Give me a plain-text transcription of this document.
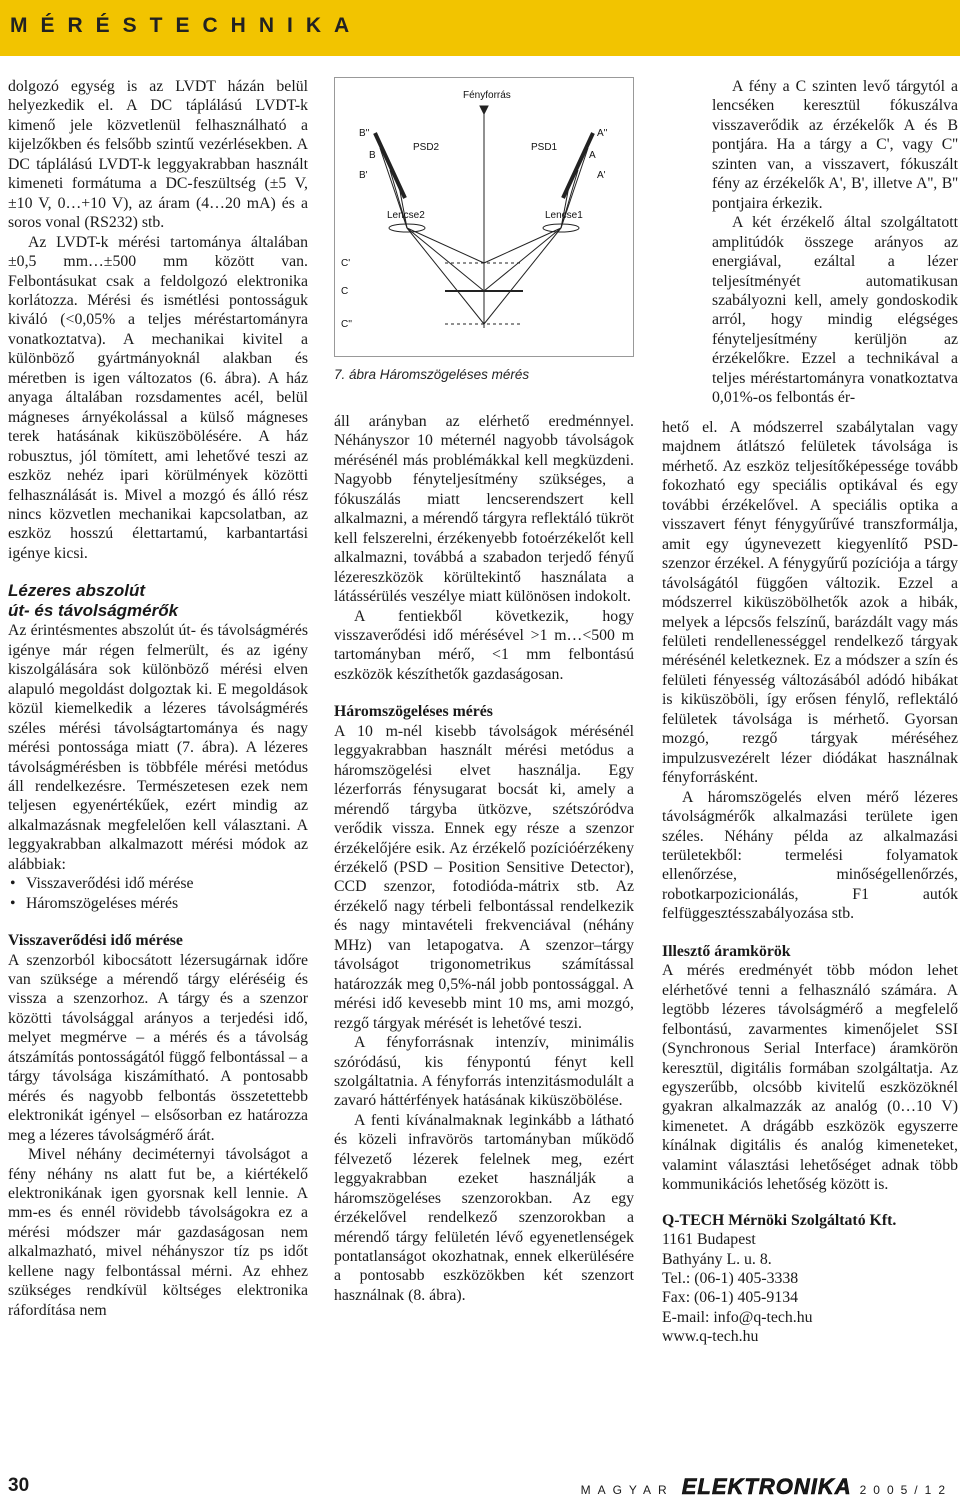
MÉRÉSTECHNIKA

dolgozó egység is az LVDT házán belül helyezkedik el. A DC táplálású LVDT-k kimenő jele közvetlenül felhasználható a kijelzőkben és felsőbb szintű vezérlésekben. A DC táplálású LVDT-k leggyakrabban használt kimeneti formátuma a DC-feszültség (±5 V, ±10 V, 0…+10 V), az áram (4…20 mA) és a soros vonal (RS232) stb.

Az LVDT-k mérési tartománya általában ±0,5 mm…±500 mm között van. Felbontásukat csak a feldolgozó elektronika korlátozza. Mérési és ismétlési pontosságuk kiváló (<0,05% a teljes méréstartományra vonatkoztatva). A mechanikai kivitel a különböző gyártmányoknál alakban és méretben is igen változatos (6. ábra). A ház anyaga általában rozsdamentes acél, belül mágneses árnyékolással a külső mágneses terek hatásának kiküszöbölésére. A ház robusztus, jól tömített, ami lehetővé teszi az eszköz nehéz ipari körülmények közötti felhasználását is. Mivel a mozgó és álló rész nincs közvetlen mechanikai kapcsolatban, az eszköz hosszú élettartamú, karbantartási igénye kicsi.

Lézeres abszolút
út- és távolságmérők

Az érintésmentes abszolút út- és távolságmérés igénye már régen felmerült, és az igény kiszolgálására sok különböző mérési elven alapuló megoldást dolgoztak ki. E megoldások közül kiemelkedik a lézeres távolságmérés széles mérési távolságtartománya és nagy mérési pontossága miatt (7. ábra). A lézeres távolságmérésben is többféle mérési metódus áll rendelkezésre. Természetesen ezek nem teljesen egyenértékűek, ezért mindig az alkalmazásnak megfelelően kell választani. A leggyakrabban alkalmazott mérési módok az alábbiak:

• Visszaverődési idő mérése
• Háromszögeléses mérés
Visszaverődési idő mérése

A szenzorból kibocsátott lézersugárnak időre van szüksége a mérendő tárgy eléréséig és vissza a szenzorhoz. A tárgy és a szenzor közötti távolsággal arányos a terjedési idő, melyet megmérve – a mérés és a távolság átszámítás pontosságától függő felbontással – a tárgy távolsága kiszámítható. A pontosabb mérés és nagyobb felbontás összetettebb elektronikát igényel – elsősorban ez határozza meg a lézeres távolságmérő árát.

Mivel néhány deciméternyi távolságot a fény néhány ns alatt fut be, a kiértékelő elektronikának igen gyorsnak kell lennie. A mm-es és ennél rövidebb távolságokra ez a mérési módszer már gazdaságosan nem alkalmazható, mivel néhányszor tíz ps időt kellene nagy felbontással mérni. Az ehhez szükséges rendkívül költséges elektronika ráfordítása nem

Fényforrás
PSD2	PSD1
Lencse2	Lencse1
B''
B
B'
A''
A
A'
C'
C
C''
7. ábra Háromszögeléses mérés

áll arányban az elérhető eredménnyel. Néhányszor 10 méternél nagyobb távolságok mérésénél más problémákkal kell megküzdeni. Nagyobb fényteljesítmény szükséges, a fókuszálás miatt lencserendszert kell alkalmazni, a mérendő tárgyra reflektáló tükröt kell felszerelni, érzékenyebb fotoérzékelőt kell alkalmazni, továbbá a szabadon terjedő fényű lézereszközök körültekintő használata a látássérülés veszélye miatt különösen indokolt.

A fentiekből következik, hogy visszaverődési idő mérésével >1 m…<500 m tartományban mérő, <1 mm felbontású eszközök készíthetők gazdaságosan.

Háromszögeléses mérés

A 10 m-nél kisebb távolságok mérésénél leggyakrabban használt mérési metódus a háromszögelési elvet használja. Egy lézerforrás fénysugarat bocsát ki, amely a mérendő tárgyba ütközve, szétszóródva verődik vissza. Ennek egy része a szenzor érzékelőjére esik. Az érzékelő pozícióérzékeny érzékelő (PSD – Position Sensitive Detector), CCD szenzor, fotodióda-mátrix stb. Az érzékelő nagy térbeli felbontással rendelkezik és nagy mintavételi frekvenciával (néhány MHz) van letapogatva. A szenzor–tárgy távolságot trigonometrikus számítással határozzák meg 0,5%-nál jobb pontossággal. A mérési idő kevesebb mint 10 ms, ami mozgó, rezgő tárgyak mérését is lehetővé teszi.

A fényforrásnak intenzív, minimális szóródású, kis fénypontú fényt kell szolgáltatnia. A fényforrás intenzitásmodulált a zavaró háttérfények hatásának kiküszöbölése.

A fenti kívánalmaknak leginkább a látható és közeli infravörös tartományban működő félvezető lézerek felelnek meg, ezért leggyakrabban ezeket használják a háromszögeléses szenzorokban. Az egy érzékelővel rendelkező szenzorokban a mérendő tárgy felületén lévő egyenetlenségek pontatlanságot okozhatnak, ennek elkerülésére a pontosabb eszközökben két szenzort használnak (8. ábra).

A fény a C szinten levő tárgytól a lencséken keresztül fókuszálva visszaverődik az érzékelők A és B pontjára. Ha a tárgy a C', vagy C'' szinten van, a visszavert, fókuszált fény az érzékelők A', B', illetve A'', B'' pontjaira érkezik.

A két érzékelő által szolgáltatott amplitúdók összege arányos az energiával, ezáltal a lézer teljesítményét automatikusan szabályozni kell, amely gondoskodik arról, hogy mindig elégséges fényteljesítmény kerüljön az érzékelőkre. Ezzel a technikával a teljes méréstartományra vonatkoztatva 0,01%-os felbontás ér-

hető el. A módszerrel szabálytalan vagy majdnem átlátszó felületek távolsága is mérhető. Az eszköz teljesítőképessége tovább fokozható egy speciális optikával és egy további érzékelővel. A speciális optika a visszavert fényt fénygyűrűvé transzformálja, amit egy úgynevezett kiegyenlítő PSD-szenzor érzékel. A fénygyűrű pozíciója a tárgy távolságától függően változik. Ezzel a módszerrel kiküszöbölhetők azok a hibák, melyek a lépcsős felszínű, barázdált vagy más felületi rendellenességgel rendelkező tárgyak mérésénél keletkeznek. Ez a módszer a szín és felületi fényesség változásából adódó hibákat is kiküszöböli, így erősen fénylő, reflektáló felületek távolsága is mérhető. Gyorsan mozgó, rezgő tárgyak méréséhez impulzusvezérelt lézer diódákat használnak fényforrásként.

A háromszögelés elven mérő lézeres távolságmérők alkalmazási területe igen széles. Néhány példa az alkalmazási területekből: termelési folyamatok ellenőrzése, minőségellenőrzés, robotkarpozicionálás, F1 autók felfüggesztésszabályozása stb.

Illesztő áramkörök

A mérés eredményét több módon lehet elérhetővé tenni a felhasználó számára. A legtöbb lézeres távolságmérő a megfelelő felbontású, zavarmentes kimenőjelet SSI (Synchronous Serial Interface) áramkörön keresztül, digitális formában szolgáltatja. Az egyszerűbb, olcsóbb kivitelű eszközöknél gyakran alkalmazzák az analóg (0…10 V) kimenetet. A drágább eszközök egyszerre kínálnak digitális és analóg kimeneteket, valamint választási lehetőséget adnak több kommunikációs lehetőség között is.

Q-TECH Mérnöki Szolgáltató Kft.

1161 Budapest

Bathyány L. u. 8.

Tel.: (06-1) 405-3338

Fax: (06-1) 405-9134

E-mail: info@q-tech.hu

www.q-tech.hu

30	MAGYAR ELEKTRONIKA 2005/12
